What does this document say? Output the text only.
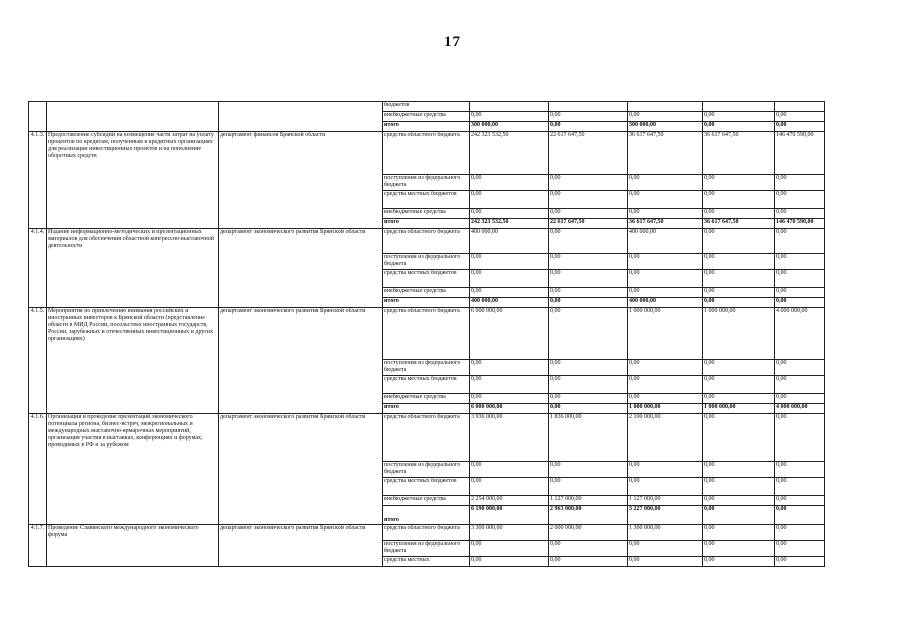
17
			бюджетов					
			внебюджетные средства	0,00	0,00	0,00	0,00	0,00
			итого	300 000,00	0,00	300 000,00	0,00	0,00
4.1.3.	Предоставление субсидий на возмещение части затрат на уплату процентов по кредитам, полученным в кредитных организациях для реализации инвестиционных проектов и на пополнение оборотных средств	департамент финансов Брянской области	средства областного бюджета	242 323 532,50	22 617 647,50	36 617 647,50	36 617 647,50	146 470 590,00
			поступления из федерального бюджета	0,00	0,00	0,00	0,00	0,00
			средства местных бюджетов	0,00	0,00	0,00	0,00	0,00
			внебюджетные средства	0,00	0,00	0,00	0,00	0,00
			итого	242 323 532,50	22 617 647,50	36 617 647,50	36 617 647,50	146 470 590,00
4.1.4.	Издание информационно-методических и презентационных материалов для обеспечения областной конгрессно-выставочной деятельности	департамент экономического развития Брянской области	средства областного бюджета	400 000,00	0,00	400 000,00	0,00	0,00
			поступления из федерального бюджета	0,00	0,00	0,00	0,00	0,00
			средства местных бюджетов	0,00	0,00	0,00	0,00	0,00
			внебюджетные средства	0,00	0,00	0,00	0,00	0,00
			итого	400 000,00	0,00	400 000,00	0,00	0,00
4.1.5.	Мероприятия по привлечению внимания российских и иностранных инвесторов к Брянской области (представление области в МИД России, посольствах иностранных государств, России, зарубежных и отечественных инвестиционных и других организациях)	департамент экономического развития Брянской области	средства областного бюджета	6 000 000,00	0,00	1 000 000,00	1 000 000,00	4 000 000,00
			поступления из федерального бюджета	0,00	0,00	0,00	0,00	0,00
			средства местных бюджетов	0,00	0,00	0,00	0,00	0,00
			внебюджетные средства	0,00	0,00	0,00	0,00	0,00
			итого	6 000 000,00	0,00	1 000 000,00	1 000 000,00	4 000 000,00
4.1.6.	Организация и проведение презентаций экономического потенциала региона, бизнес-встреч, межрегиональных и международных выставочно-ярмарочных мероприятий, организация участия в выставках, конференциях и форумах, проводимых в РФ и за рубежом	департамент экономического развития Брянской области	средства областного бюджета	3 936 000,00	1 836 000,00	2 100 000,00	0,00	0,00
			поступления из федерального бюджета	0,00	0,00	0,00	0,00	0,00
			средства местных бюджетов	0,00	0,00	0,00	0,00	0,00
			внебюджетные средства	2 254 000,00	1 127 000,00	1 127 000,00	0,00	0,00
			итого	6 190 000,00	2 963 000,00	3 227 000,00	0,00	0,00
4.1.7.	Проведение Славянского международного экономического форума	департамент экономического развития Брянской области	средства областного бюджета	3 300 000,00	2 000 000,00	1 300 000,00	0,00	0,00
			поступления из федерального бюджета	0,00	0,00	0,00	0,00	0,00
			средства местных	0,00	0,00	0,00	0,00	0,00
